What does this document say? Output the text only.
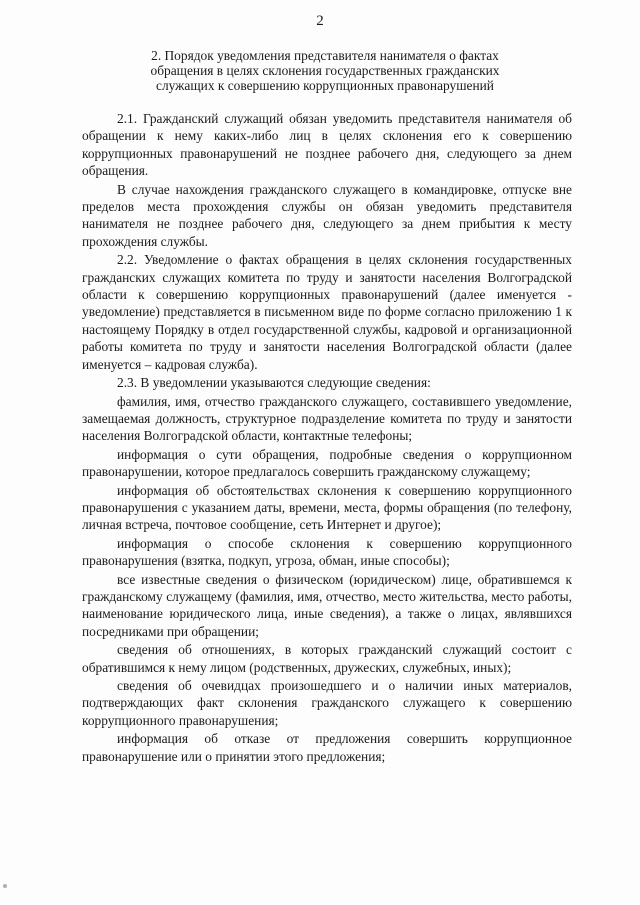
2
2. Порядок уведомления представителя нанимателя о фактах
обращения в целях склонения государственных гражданских
служащих к совершению коррупционных правонарушений

2.1. Гражданский служащий обязан уведомить представителя нанимателя об обращении к нему каких-либо лиц в целях склонения его к совершению коррупционных правонарушений не позднее рабочего дня, следующего за днем обращения.

В случае нахождения гражданского служащего в командировке, отпуске вне пределов места прохождения службы он обязан уведомить представителя нанимателя не позднее рабочего дня, следующего за днем прибытия к месту прохождения службы.

2.2. Уведомление о фактах обращения в целях склонения государственных гражданских служащих комитета по труду и занятости населения Волгоградской области к совершению коррупционных правонарушений (далее именуется - уведомление) представляется в письменном виде по форме согласно приложению 1 к настоящему Порядку в отдел государственной службы, кадровой и организационной работы комитета по труду и занятости населения Волгоградской области (далее именуется – кадровая служба).

2.3. В уведомлении указываются следующие сведения:

фамилия, имя, отчество гражданского служащего, составившего уведомление, замещаемая должность, структурное подразделение комитета по труду и занятости населения Волгоградской области, контактные телефоны;

информация о сути обращения, подробные сведения о коррупционном правонарушении, которое предлагалось совершить гражданскому служащему;

информация об обстоятельствах склонения к совершению коррупционного правонарушения с указанием даты, времени, места, формы обращения (по телефону, личная встреча, почтовое сообщение, сеть Интернет и другое);

информация о способе склонения к совершению коррупционного правонарушения (взятка, подкуп, угроза, обман, иные способы);

все известные сведения о физическом (юридическом) лице, обратившемся к гражданскому служащему (фамилия, имя, отчество, место жительства, место работы, наименование юридического лица, иные сведения), а также о лицах, являвшихся посредниками при обращении;

сведения об отношениях, в которых гражданский служащий состоит с обратившимся к нему лицом (родственных, дружеских, служебных, иных);

сведения об очевидцах произошедшего и о наличии иных материалов, подтверждающих факт склонения гражданского служащего к совершению коррупционного правонарушения;

информация об отказе от предложения совершить коррупционное правонарушение или о принятии этого предложения;
